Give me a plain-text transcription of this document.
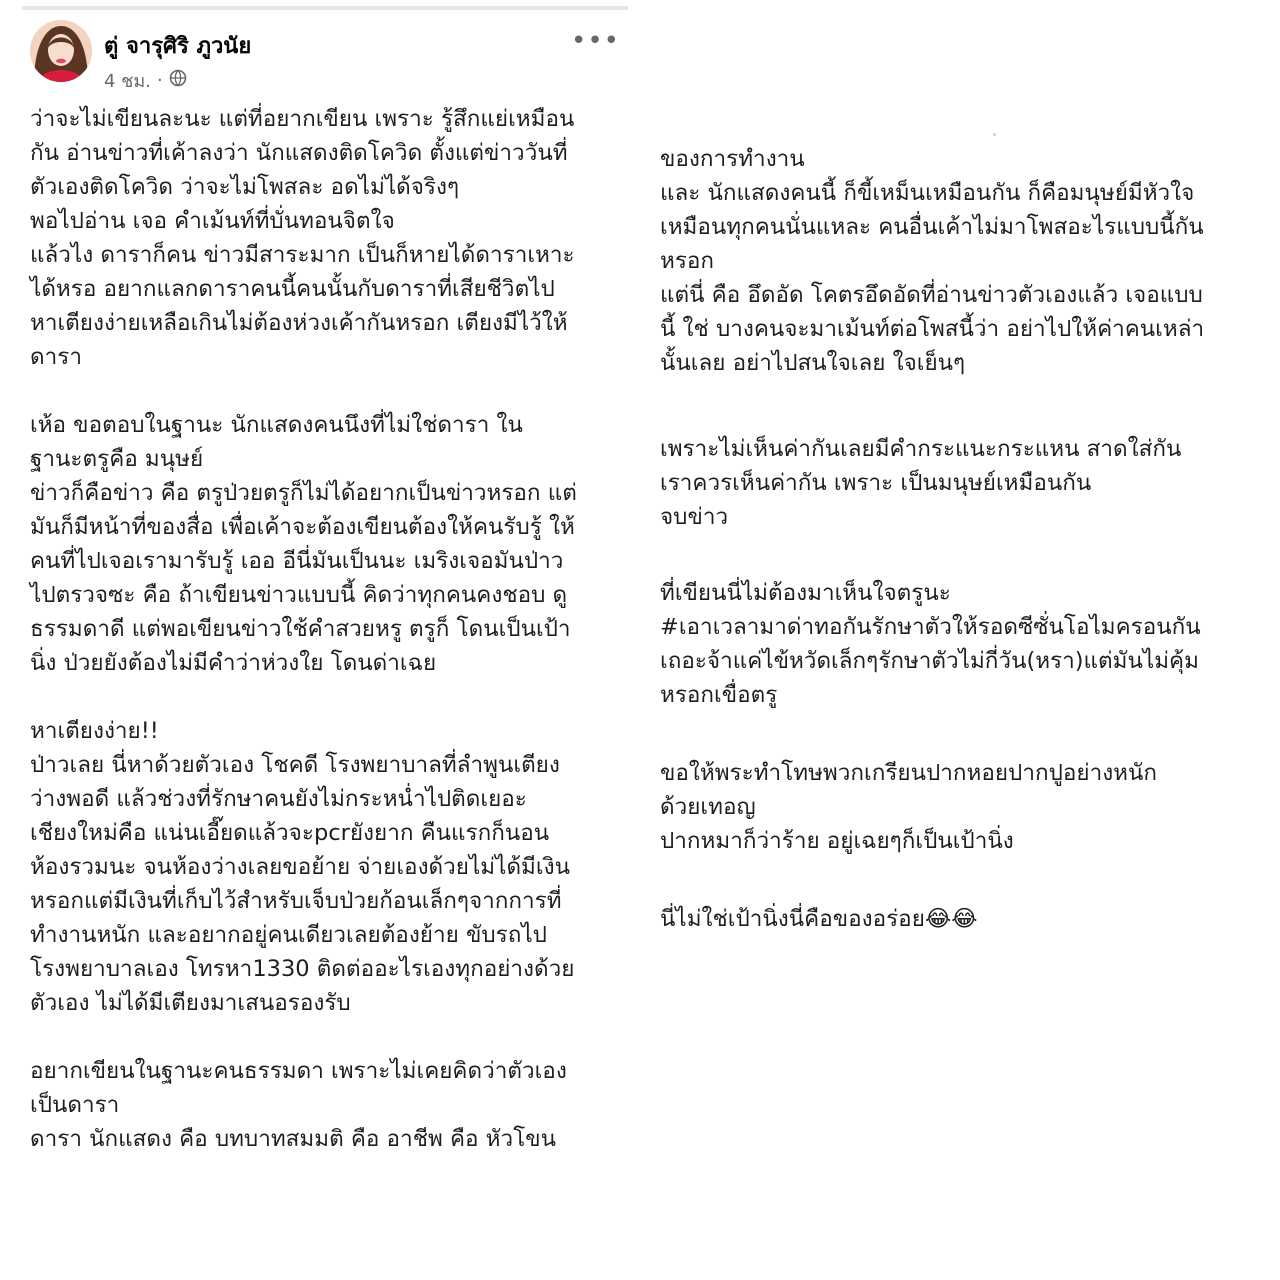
ตู่ จารุศิริ ภูวนัย
4 ชม. ·
•••
ว่าจะไม่เขียนละนะ แต่ที่อยากเขียน เพราะ รู้สึกแย่เหมือน
กัน อ่านข่าวที่เค้าลงว่า นักแสดงติดโควิด ตั้งแต่ข่าววันที่
ตัวเองติดโควิด ว่าจะไม่โพสละ อดไม่ได้จริงๆ
พอไปอ่าน เจอ คำเม้นท์ที่บั่นทอนจิตใจ
แล้วไง ดาราก็คน ข่าวมีสาระมาก เป็นก็หายได้ดาราเหาะ
ได้หรอ อยากแลกดาราคนนี้คนนั้นกับดาราที่เสียชีวิตไป
หาเตียงง่ายเหลือเกินไม่ต้องห่วงเค้ากันหรอก เตียงมีไว้ให้
ดารา
เห้อ ขอตอบในฐานะ นักแสดงคนนึงที่ไม่ใช่ดารา ใน
ฐานะตรูคือ มนุษย์
ข่าวก็คือข่าว คือ ตรูป่วยตรูก็ไม่ได้อยากเป็นข่าวหรอก แต่
มันก็มีหน้าที่ของสื่อ เพื่อเค้าจะต้องเขียนต้องให้คนรับรู้ ให้
คนที่ไปเจอเรามารับรู้ เออ อีนี่มันเป็นนะ เมริงเจอมันป่าว
ไปตรวจซะ คือ ถ้าเขียนข่าวแบบนี้ คิดว่าทุกคนคงชอบ ดู
ธรรมดาดี แต่พอเขียนข่าวใช้คำสวยหรู ตรูก็ โดนเป็นเป้า
นิ่ง ป่วยยังต้องไม่มีคำว่าห่วงใย โดนด่าเฉย
หาเตียงง่าย!!
ป่าวเลย นี่หาด้วยตัวเอง โชคดี โรงพยาบาลที่ลำพูนเตียง
ว่างพอดี แล้วช่วงที่รักษาคนยังไม่กระหน่ำไปติดเยอะ
เชียงใหม่คือ แน่นเอี๊ยดแล้วจะpcrยังยาก คืนแรกก็นอน
ห้องรวมนะ จนห้องว่างเลยขอย้าย จ่ายเองด้วยไม่ได้มีเงิน
หรอกแต่มีเงินที่เก็บไว้สำหรับเจ็บป่วยก้อนเล็กๆจากการที่
ทำงานหนัก และอยากอยู่คนเดียวเลยต้องย้าย ขับรถไป
โรงพยาบาลเอง โทรหา1330 ติดต่ออะไรเองทุกอย่างด้วย
ตัวเอง ไม่ได้มีเตียงมาเสนอรองรับ
อยากเขียนในฐานะคนธรรมดา เพราะไม่เคยคิดว่าตัวเอง
เป็นดารา
ดารา นักแสดง คือ บทบาทสมมติ คือ อาชีพ คือ หัวโขน
ของการทำงาน
และ นักแสดงคนนี้ ก็ขี้เหม็นเหมือนกัน ก็คือมนุษย์มีหัวใจ
เหมือนทุกคนนั่นแหละ คนอื่นเค้าไม่มาโพสอะไรแบบนี้กัน
หรอก
แต่นี่ คือ อึดอัด โคตรอึดอัดที่อ่านข่าวตัวเองแล้ว เจอแบบ
นี้ ใช่ บางคนจะมาเม้นท์ต่อโพสนี้ว่า อย่าไปให้ค่าคนเหล่า
นั้นเลย อย่าไปสนใจเลย ใจเย็นๆ
เพราะไม่เห็นค่ากันเลยมีคำกระแนะกระแหน สาดใส่กัน
เราควรเห็นค่ากัน เพราะ เป็นมนุษย์เหมือนกัน
จบข่าว
ที่เขียนนี่ไม่ต้องมาเห็นใจตรูนะ
#เอาเวลามาด่าทอกันรักษาตัวให้รอดซีซั่นโอไมครอนกัน
เถอะจ้าแค่ไข้หวัดเล็กๆรักษาตัวไม่กี่วัน(หรา)แต่มันไม่คุ้ม
หรอกเขื่อตรู
ขอให้พระทำโทษพวกเกรียนปากหอยปากปูอย่างหนัก
ด้วยเทอญ
ปากหมาก็ว่าร้าย อยู่เฉยๆก็เป็นเป้านิ่ง
นี่ไม่ใช่เป้านิ่งนี่คือของอร่อย😂😂
